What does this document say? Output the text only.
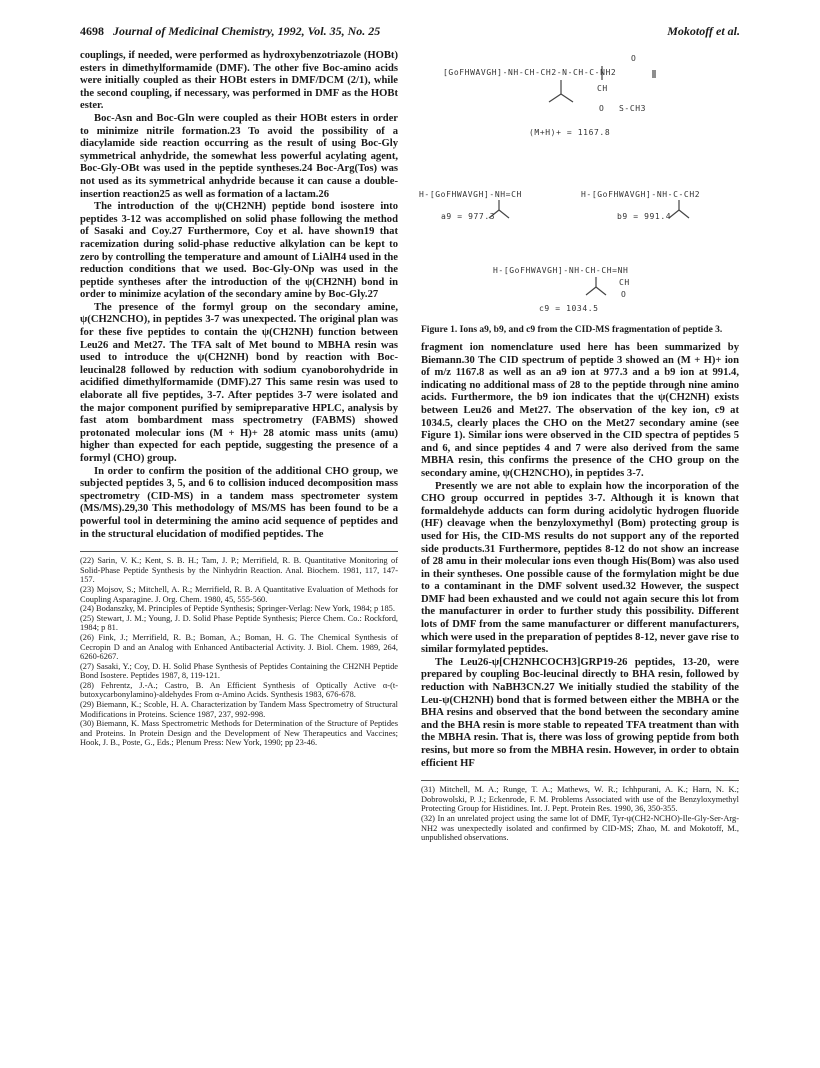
4698 Journal of Medicinal Chemistry, 1992, Vol. 35, No. 25	Mokotoff et al.

couplings, if needed, were performed as hydroxybenzotriazole (HOBt) esters in dimethylformamide (DMF). The other five Boc-amino acids were initially coupled as their HOBt esters in DMF/DCM (2/1), while the second coupling, if necessary, was performed in DMF as the HOBt ester.

Boc-Asn and Boc-Gln were coupled as their HOBt esters in order to minimize nitrile formation.23 To avoid the possibility of a diacylamide side reaction occurring as the result of using Boc-Gly symmetrical anhydride, the somewhat less powerful acylating agent, Boc-Gly-OBt was used in the peptide syntheses.24 Boc-Arg(Tos) was not used as its symmetrical anhydride because it can cause a double-insertion reaction25 as well as formation of a lactam.26

The introduction of the ψ(CH2NH) peptide bond isostere into peptides 3-12 was accomplished on solid phase following the method of Sasaki and Coy.27 Furthermore, Coy et al. have shown19 that racemization during solid-phase reductive alkylation can be kept to zero by controlling the temperature and amount of LiAlH4 used in the reduction conditions that we used. Boc-Gly-ONp was used in the peptide syntheses after the introduction of the ψ(CH2NH) bond in order to minimize acylation of the secondary amine by Boc-Gly.27

The presence of the formyl group on the secondary amine, ψ(CH2NCHO), in peptides 3-7 was unexpected. The original plan was for these five peptides to contain the ψ(CH2NH) function between Leu26 and Met27. The TFA salt of Met bound to MBHA resin was used to introduce the ψ(CH2NH) bond by reaction with Boc-leucinal28 followed by reduction with sodium cyanoborohydride in acidified dimethylformamide (DMF).27 This same resin was used to elaborate all five peptides, 3-7. After peptides 3-7 were isolated and the major component purified by semipreparative HPLC, analysis by fast atom bombardment mass spectrometry (FABMS) showed protonated molecular ions (M + H)+ 28 atomic mass units (amu) higher than expected for each peptide, suggesting the presence of a formyl (CHO) group.

In order to confirm the position of the additional CHO group, we subjected peptides 3, 5, and 6 to collision induced decomposition mass spectrometry (CID-MS) in a tandem mass spectrometer system (MS/MS).29,30 This methodology of MS/MS has been found to be a powerful tool in determining the amino acid sequence of peptides and in the structural elucidation of modified peptides. The

(22) Sarin, V. K.; Kent, S. B. H.; Tam, J. P.; Merrifield, R. B. Quantitative Monitoring of Solid-Phase Peptide Synthesis by the Ninhydrin Reaction. Anal. Biochem. 1981, 117, 147-157.

(23) Mojsov, S.; Mitchell, A. R.; Merrifield, R. B. A Quantitative Evaluation of Methods for Coupling Asparagine. J. Org. Chem. 1980, 45, 555-560.

(24) Bodanszky, M. Principles of Peptide Synthesis; Springer-Verlag: New York, 1984; p 185.

(25) Stewart, J. M.; Young, J. D. Solid Phase Peptide Synthesis; Pierce Chem. Co.: Rockford, 1984; p 81.

(26) Fink, J.; Merrifield, R. B.; Boman, A.; Boman, H. G. The Chemical Synthesis of Cecropin D and an Analog with Enhanced Antibacterial Activity. J. Biol. Chem. 1989, 264, 6260-6267.

(27) Sasaki, Y.; Coy, D. H. Solid Phase Synthesis of Peptides Containing the CH2NH Peptide Bond Isostere. Peptides 1987, 8, 119-121.

(28) Fehrentz, J.-A.; Castro, B. An Efficient Synthesis of Optically Active α-(t-butoxycarbonylamino)-aldehydes From α-Amino Acids. Synthesis 1983, 676-678.

(29) Biemann, K.; Scoble, H. A. Characterization by Tandem Mass Spectrometry of Structural Modifications in Proteins. Science 1987, 237, 992-998.

(30) Biemann, K. Mass Spectrometric Methods for Determination of the Structure of Peptides and Proteins. In Protein Design and the Development of New Therapeutics and Vaccines; Hook, J. B., Poste, G., Eds.; Plenum Press: New York, 1990; pp 23-46.

O
[GoFHWAVGH]-NH-CH-CH2-N-CH-C-NH2
CH
O S-CH3
(M+H)+ = 1167.8
H-[GoFHWAVGH]-NH=CH
a9 = 977.3
H-[GoFHWAVGH]-NH-C-CH2
b9 = 991.4
H-[GoFHWAVGH]-NH-CH-CH=NH
CH
O
c9 = 1034.5

Figure 1. Ions a9, b9, and c9 from the CID-MS fragmentation of peptide 3.

fragment ion nomenclature used here has been summarized by Biemann.30 The CID spectrum of peptide 3 showed an (M + H)+ ion of m/z 1167.8 as well as an a9 ion at 977.3 and a b9 ion at 991.4, indicating no additional mass of 28 to the peptide through nine amino acids. Furthermore, the b9 ion indicates that the ψ(CH2NH) exists between Leu26 and Met27. The observation of the key ion, c9 at 1034.5, clearly places the CHO on the Met27 secondary amine (see Figure 1). Similar ions were observed in the CID spectra of peptides 5 and 6, and since peptides 4 and 7 were also derived from the same MBHA resin, this confirms the presence of the CHO group on the secondary amine, ψ(CH2NCHO), in peptides 3-7.

Presently we are not able to explain how the incorporation of the CHO group occurred in peptides 3-7. Although it is known that formaldehyde adducts can form during acidolytic hydrogen fluoride (HF) cleavage when the benzyloxymethyl (Bom) protecting group is used for His, the CID-MS results do not support any of the reported side products.31 Furthermore, peptides 8-12 do not show an increase of 28 amu in their molecular ions even though His(Bom) was also used in their syntheses. One possible cause of the formylation might be due to a contaminant in the DMF solvent used.32 However, the suspect DMF had been exhausted and we could not again secure this lot from the manufacturer in order to further study this possibility. Different lots of DMF from the same manufacturer or different manufacturers, which were used in the preparation of peptides 8-12, never gave rise to similar formylated peptides.

The Leu26-ψ[CH2NHCOCH3]GRP19-26 peptides, 13-20, were prepared by coupling Boc-leucinal directly to BHA resin, followed by reduction with NaBH3CN.27 We initially studied the stability of the Leu-ψ(CH2NH) bond that is formed between either the MBHA or the BHA resins and observed that the bond between the secondary amine and the BHA resin is more stable to repeated TFA treatment than with the MBHA resin. That is, there was loss of growing peptide from both resins, but more so from the MBHA resin. However, in order to obtain efficient HF

(31) Mitchell, M. A.; Runge, T. A.; Mathews, W. R.; Ichhpurani, A. K.; Harn, N. K.; Dobrowolski, P. J.; Eckenrode, F. M. Problems Associated with use of the Benzyloxymethyl Protecting Group for Histidines. Int. J. Pept. Protein Res. 1990, 36, 350-355.

(32) In an unrelated project using the same lot of DMF, Tyr-ψ(CH2-NCHO)-Ile-Gly-Ser-Arg-NH2 was unexpectedly isolated and confirmed by CID-MS; Zhao, M. and Mokotoff, M., unpublished observations.
